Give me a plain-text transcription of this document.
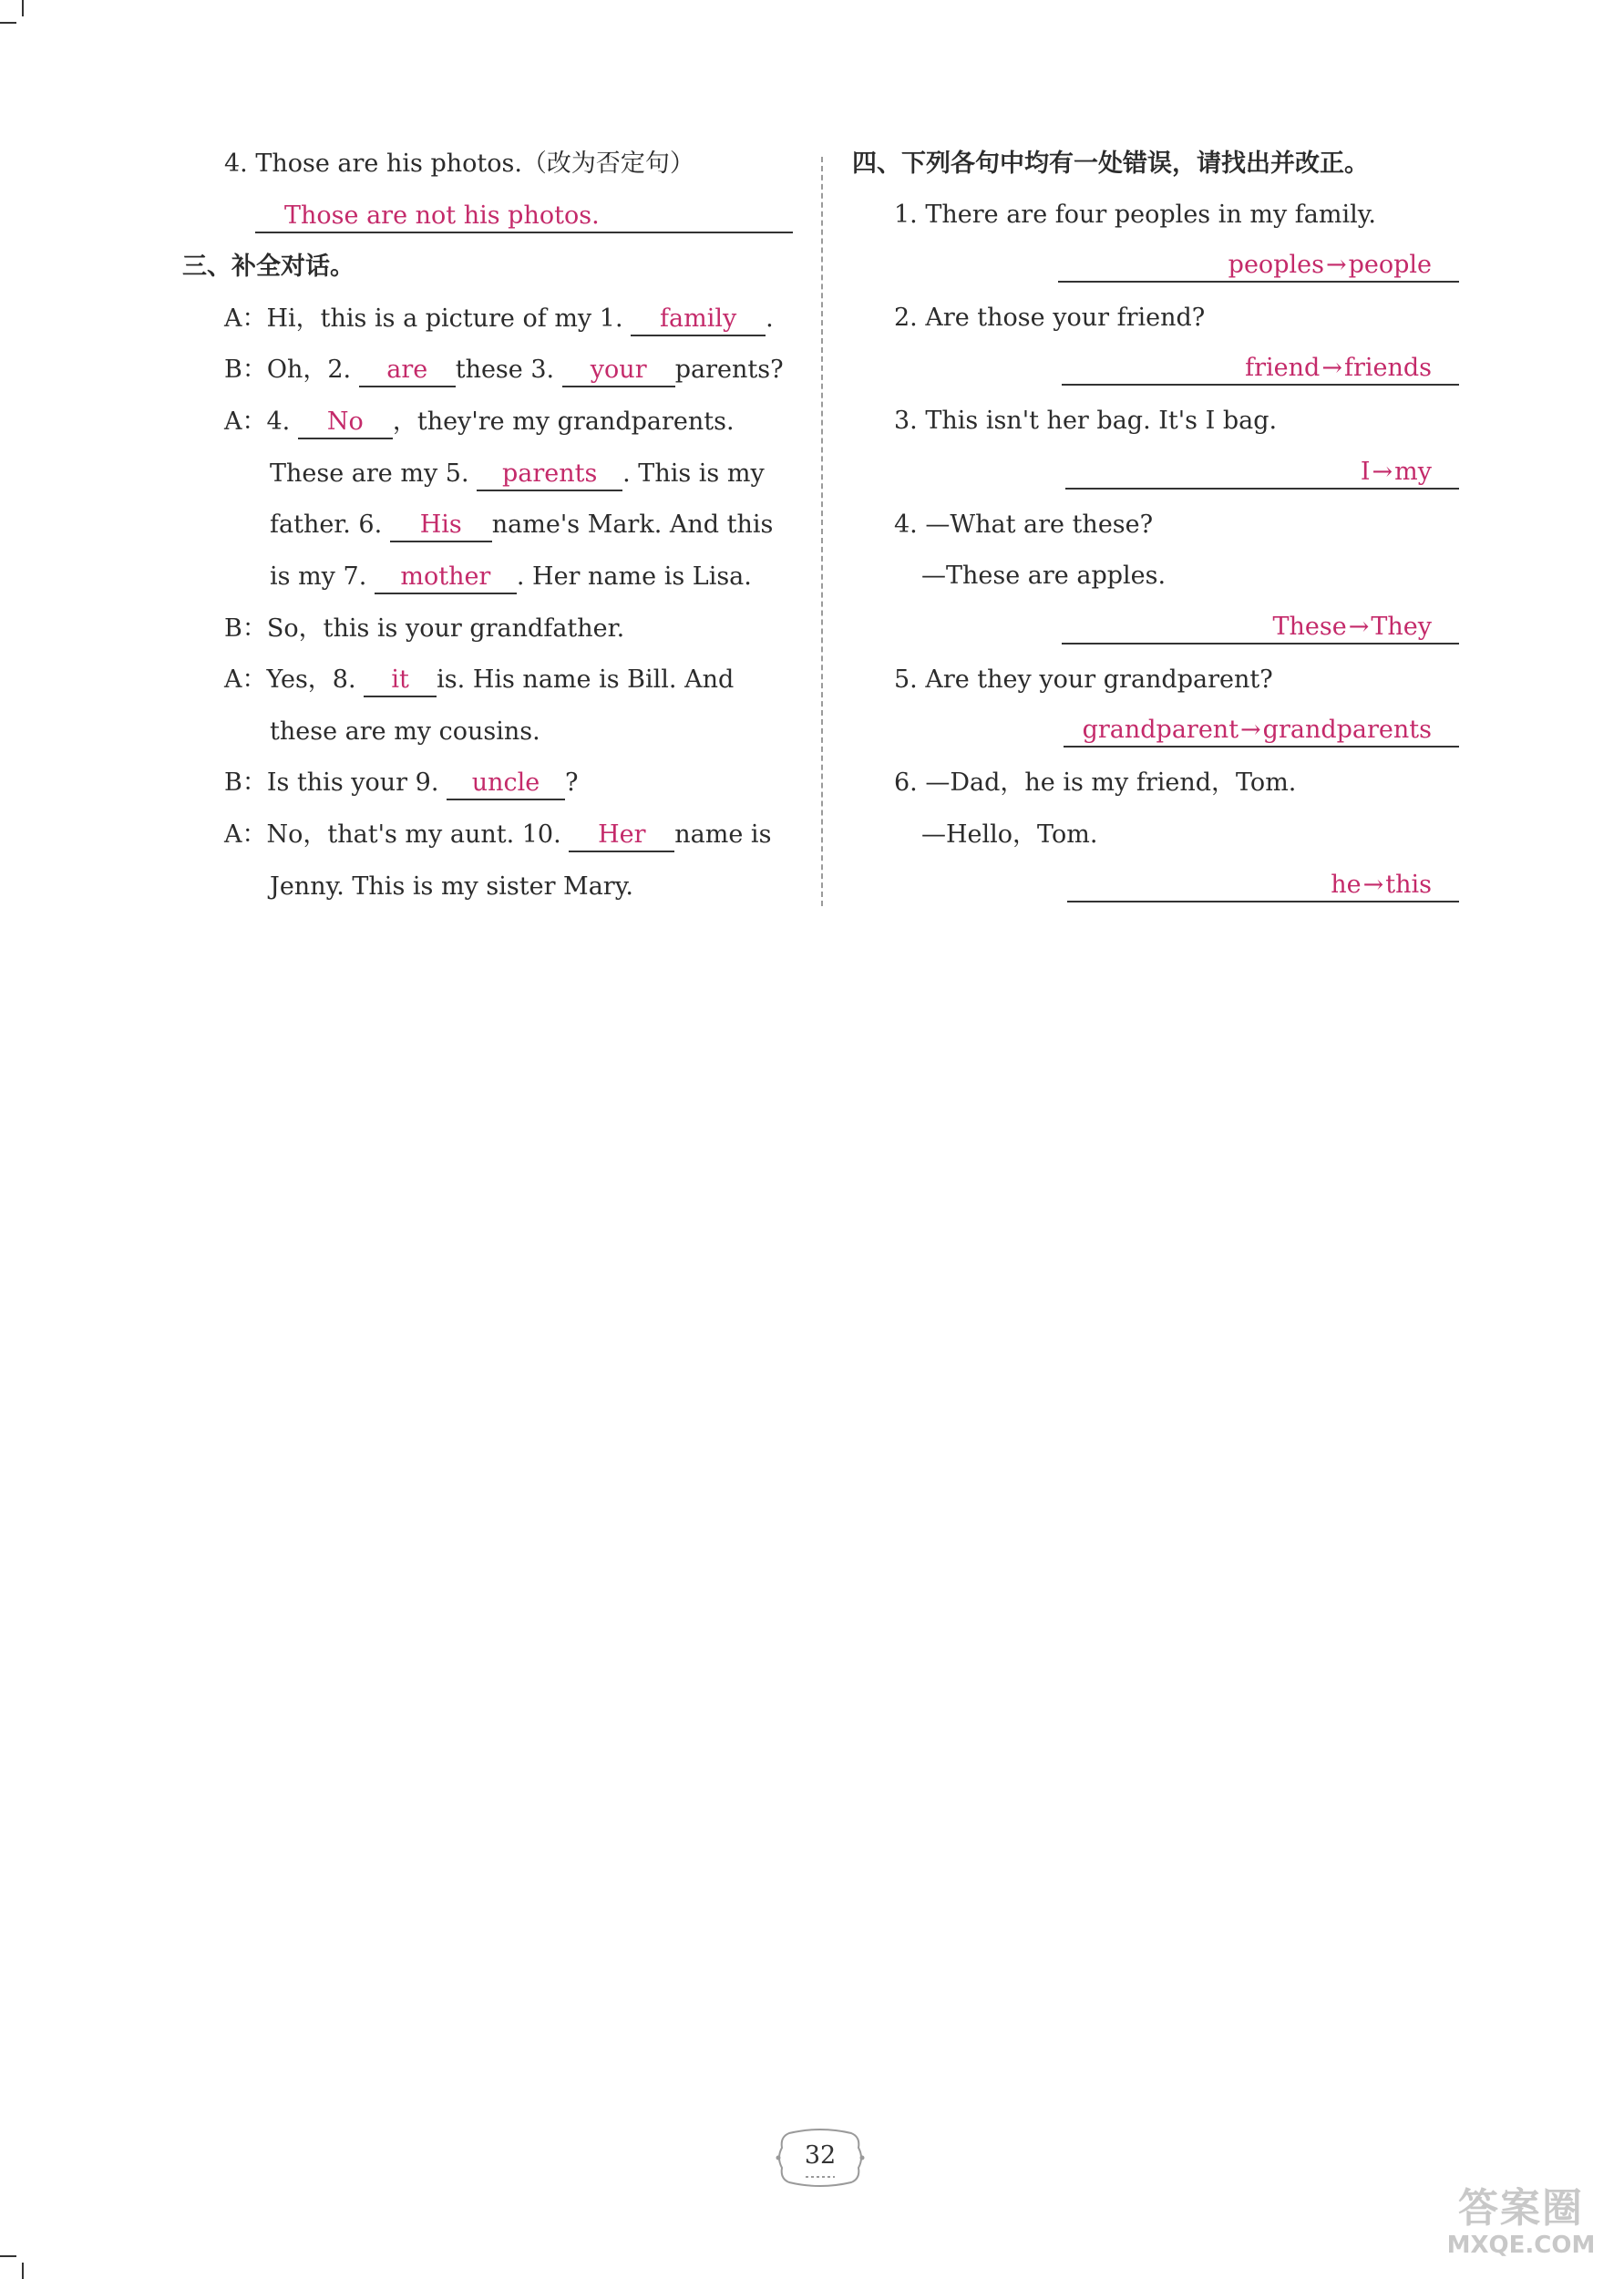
4. Those are his photos.（改为否定句）
Those are not his photos.
三、补全对话。
A：Hi，this is a picture of my 1. family .
B：Oh，2. are these 3. your parents?
A：4. No ，they're my grandparents.
These are my 5. parents . This is my
father. 6. His name's Mark. And this
is my 7. mother . Her name is Lisa.
B：So，this is your grandfather.
A：Yes，8. it is. His name is Bill. And
these are my cousins.
B：Is this your 9. uncle ?
A：No，that's my aunt. 10. Her name is
Jenny. This is my sister Mary.
四、下列各句中均有一处错误，请找出并改正。
1. There are four peoples in my family.
peoples→people
2. Are those your friend?
friend→friends
3. This isn't her bag. It's I bag.
I→my
4. —What are these?
—These are apples.
These→They
5. Are they your grandparent?
grandparent→grandparents
6. —Dad，he is my friend，Tom.
—Hello，Tom.
he→this
32
答案圈
MXQE.COM
